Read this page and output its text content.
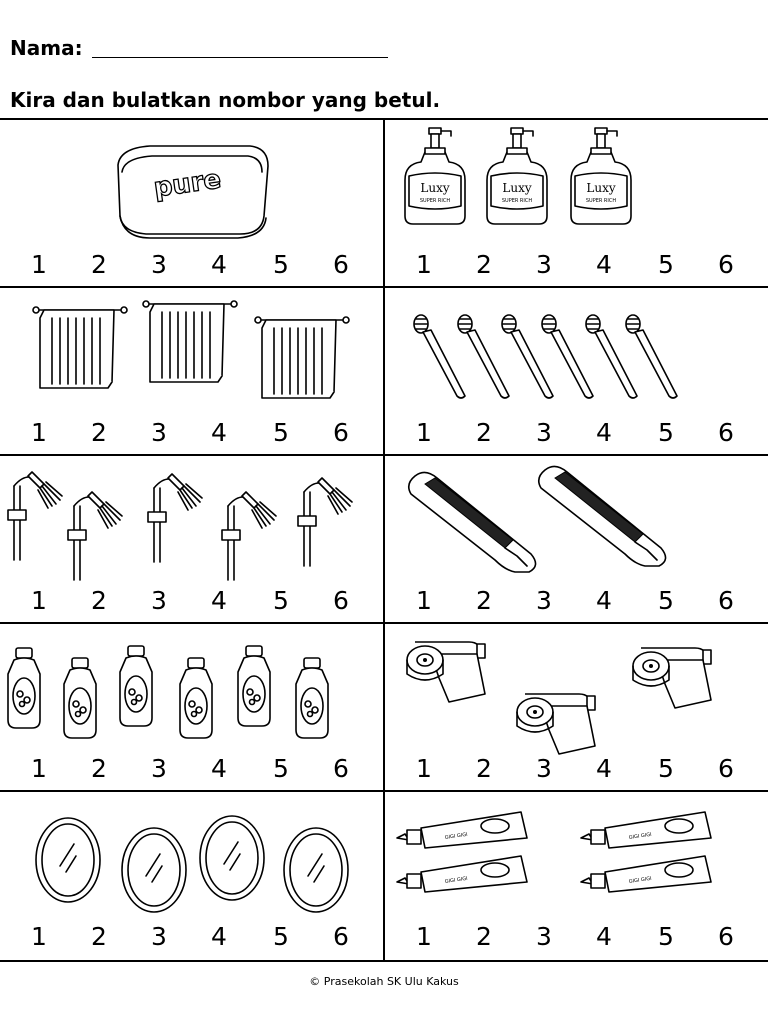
Nama:
Kira dan bulatkan nombor yang betul.
pure
1 2 3 4 5 6
Luxy
SUPER RICH
Luxy
SUPER RICH
Luxy
SUPER RICH
1 2 3 4 5 6
1 2 3 4 5 6	1 2 3 4 5 6
1 2 3 4 5 6	1 2 3 4 5 6
1 2 3 4 5 6	1 2 3 4 5 6
1 2 3 4 5 6
GIGI GIGI
GIGI GIGI
GIGI GIGI
GIGI GIGI
1 2 3 4 5 6
© Prasekolah SK Ulu Kakus
